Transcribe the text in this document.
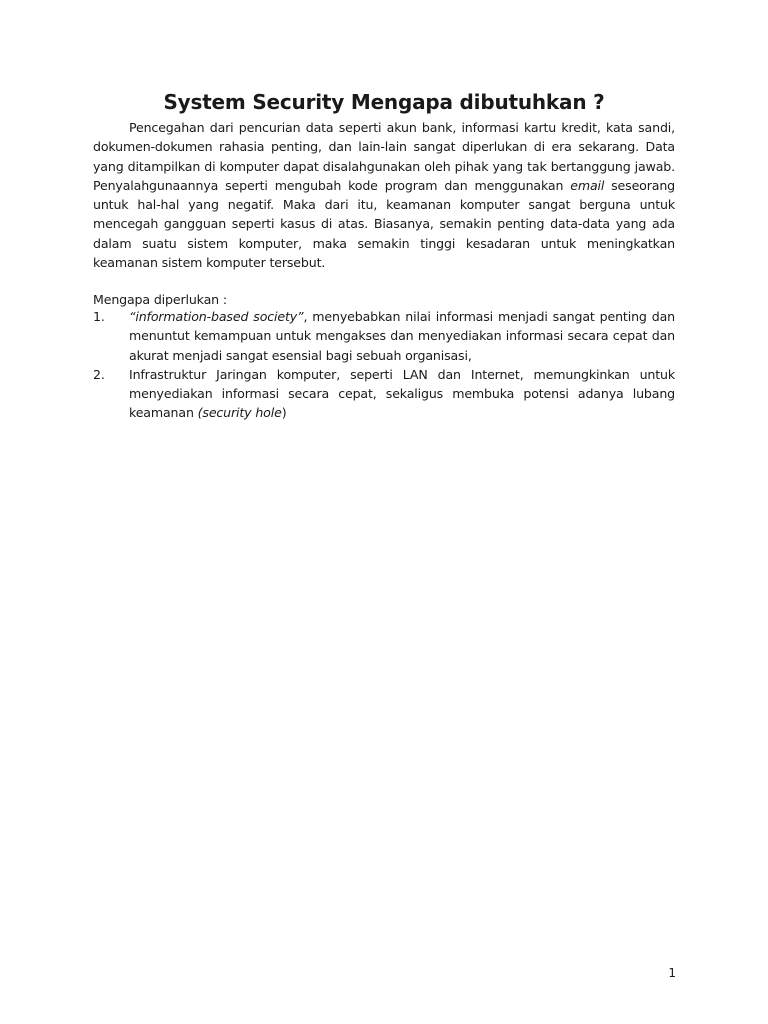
System Security Mengapa dibutuhkan ?

Pencegahan dari pencurian data seperti akun bank, informasi kartu kredit, kata sandi, dokumen-dokumen rahasia penting, dan lain-lain sangat diperlukan di era sekarang. Data yang ditampilkan di komputer dapat disalahgunakan oleh pihak yang tak bertanggung jawab. Penyalahgunaannya seperti mengubah kode program dan menggunakan email seseorang untuk hal-hal yang negatif. Maka dari itu, keamanan komputer sangat berguna untuk mencegah gangguan seperti kasus di atas. Biasanya, semakin penting data-data yang ada dalam suatu sistem komputer, maka semakin tinggi kesadaran untuk meningkatkan keamanan sistem komputer tersebut.

Mengapa diperlukan :

1. “information-based society”, menyebabkan nilai informasi menjadi sangat penting dan menuntut kemampuan untuk mengakses dan menyediakan informasi secara cepat dan akurat menjadi sangat esensial bagi sebuah organisasi,
2. Infrastruktur Jaringan komputer, seperti LAN dan Internet, memungkinkan untuk menyediakan informasi secara cepat, sekaligus membuka potensi adanya lubang keamanan (security hole)
1
